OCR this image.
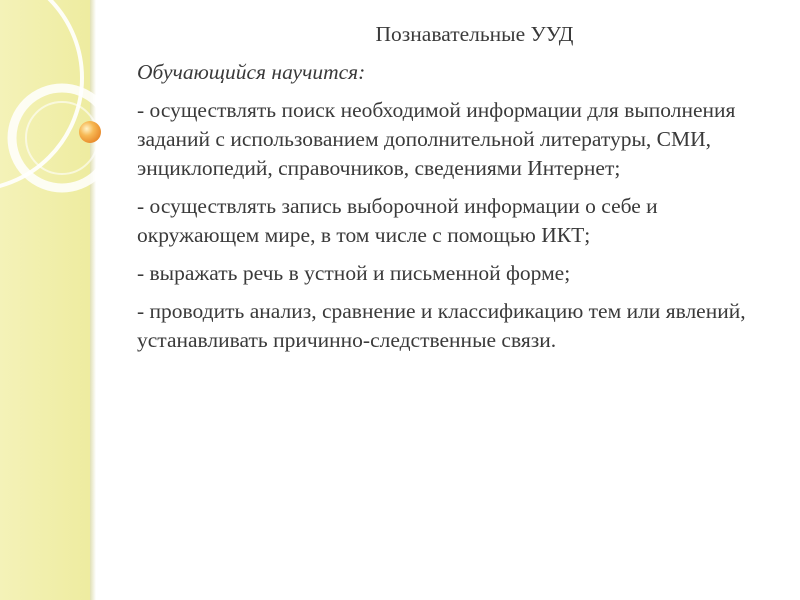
Познавательные УУД
Обучающийся научится:
- осуществлять поиск необходимой информации для выполнения заданий с использованием дополнительной литературы, СМИ, энциклопедий, справочников, сведениями Интернет;
- осуществлять запись выборочной информации о себе и окружающем мире, в том числе с помощью ИКТ;
- выражать речь в устной и письменной форме;
- проводить анализ, сравнение и классификацию тем или явлений, устанавливать причинно-следственные связи.
